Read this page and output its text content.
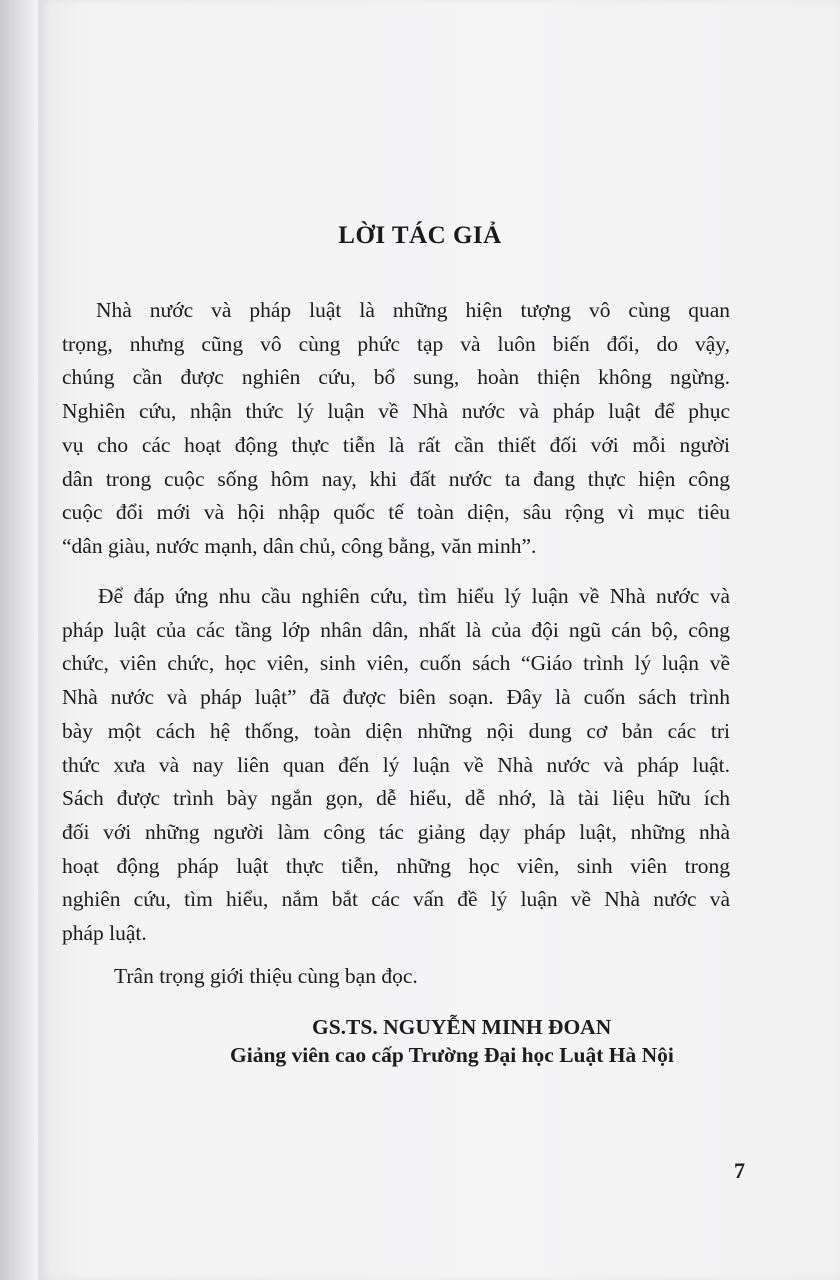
LỜI TÁC GIẢ
Nhà nước và pháp luật là những hiện tượng vô cùng quan
trọng, nhưng cũng vô cùng phức tạp và luôn biến đổi, do vậy,
chúng cần được nghiên cứu, bổ sung, hoàn thiện không ngừng.
Nghiên cứu, nhận thức lý luận về Nhà nước và pháp luật để phục
vụ cho các hoạt động thực tiễn là rất cần thiết đối với mỗi người
dân trong cuộc sống hôm nay, khi đất nước ta đang thực hiện công
cuộc đổi mới và hội nhập quốc tế toàn diện, sâu rộng vì mục tiêu
“dân giàu, nước mạnh, dân chủ, công bằng, văn minh”.
Để đáp ứng nhu cầu nghiên cứu, tìm hiểu lý luận về Nhà nước và
pháp luật của các tầng lớp nhân dân, nhất là của đội ngũ cán bộ, công
chức, viên chức, học viên, sinh viên, cuốn sách “Giáo trình lý luận về
Nhà nước và pháp luật” đã được biên soạn. Đây là cuốn sách trình
bày một cách hệ thống, toàn diện những nội dung cơ bản các tri
thức xưa và nay liên quan đến lý luận về Nhà nước và pháp luật.
Sách được trình bày ngắn gọn, dễ hiểu, dễ nhớ, là tài liệu hữu ích
đối với những người làm công tác giảng dạy pháp luật, những nhà
hoạt động pháp luật thực tiễn, những học viên, sinh viên trong
nghiên cứu, tìm hiểu, nắm bắt các vấn đề lý luận về Nhà nước và
pháp luật.
Trân trọng giới thiệu cùng bạn đọc.

GS.TS. NGUYỄN MINH ĐOAN

Giảng viên cao cấp Trường Đại học Luật Hà Nội

7
